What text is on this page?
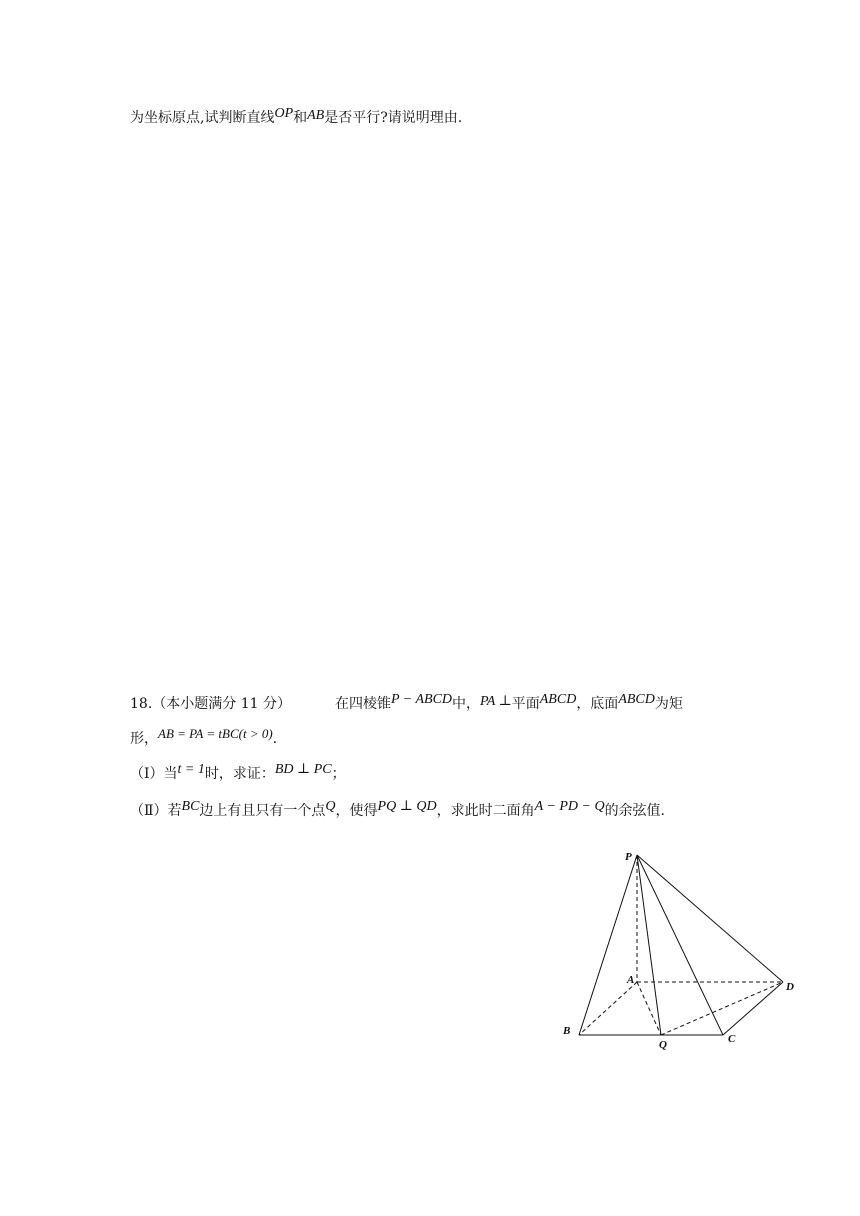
为坐标原点,试判断直线OP和AB是否平行?请说明理由.
18.（本小题满分 11 分）	在四棱锥P − ABCD中，PA ⊥平面ABCD，底面ABCD为矩
形，AB = PA = tBC(t > 0).
（Ⅰ）当t = 1时，求证：BD ⊥ PC；
（Ⅱ）若BC边上有且只有一个点Q，使得PQ ⊥ QD，求此时二面角A − PD − Q的余弦值.
P
A
B
Q	C
D
